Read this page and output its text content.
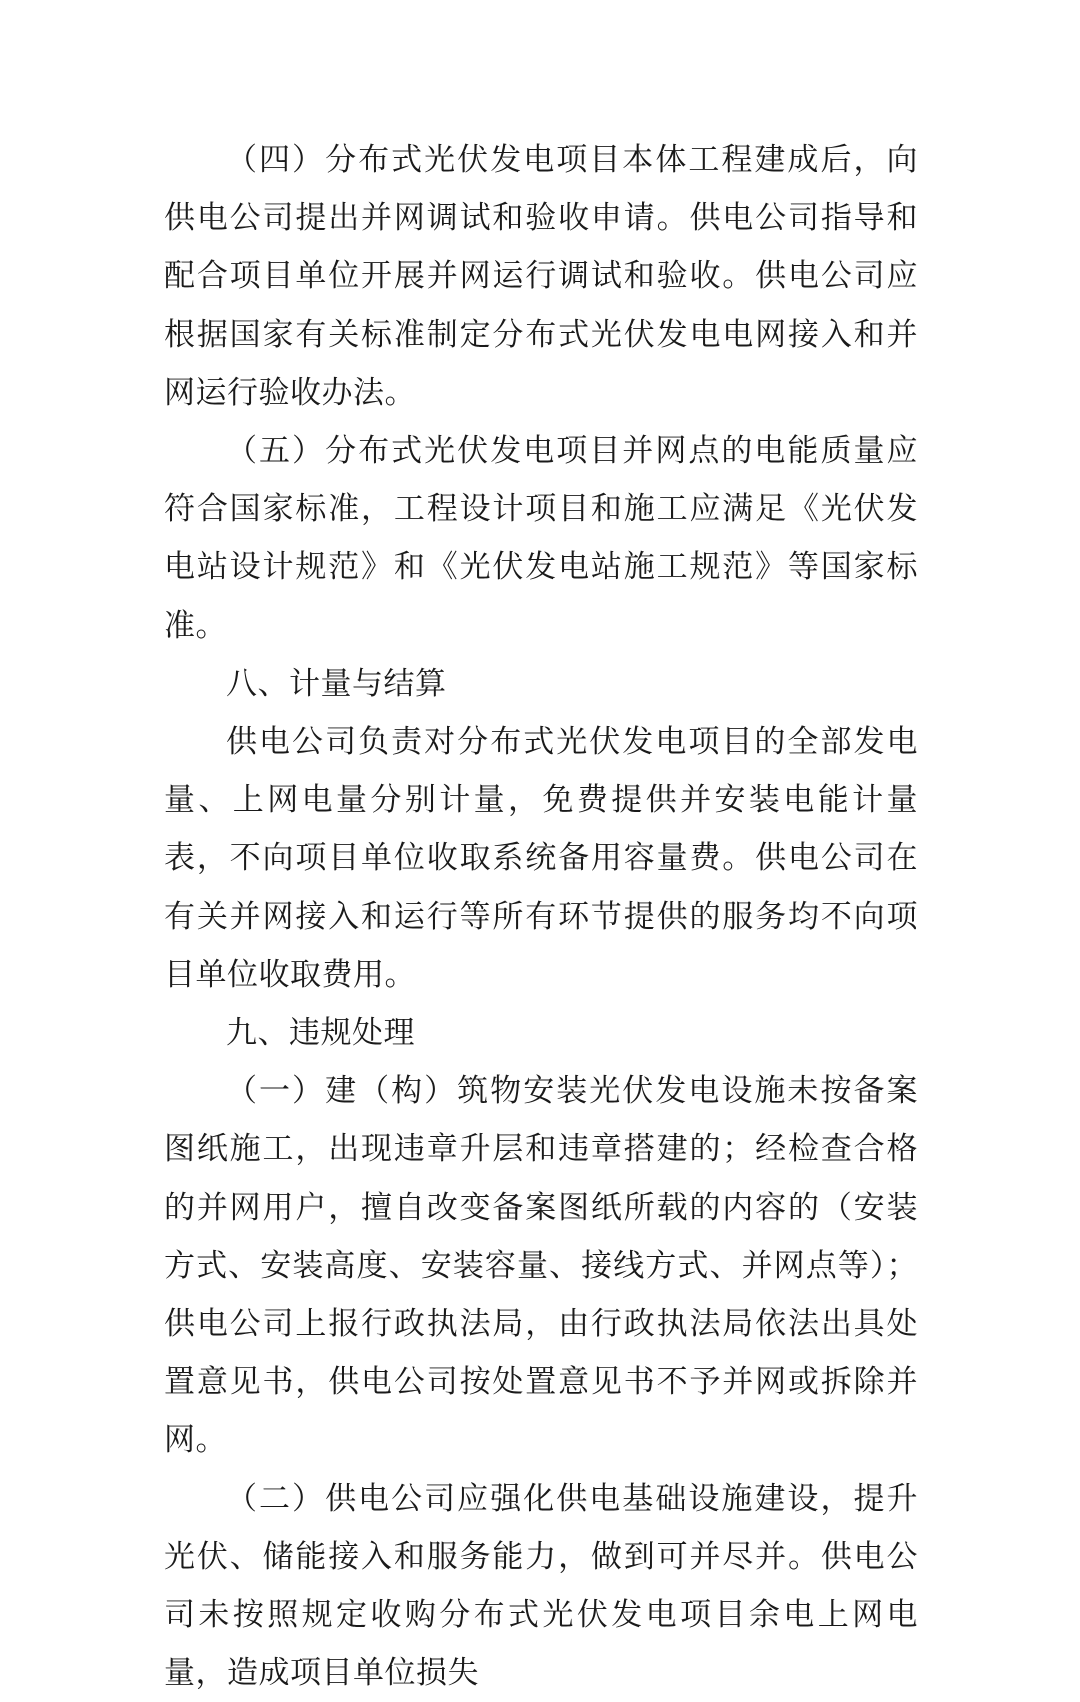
（四）分布式光伏发电项目本体工程建成后，向供电公司提出并网调试和验收申请。供电公司指导和配合项目单位开展并网运行调试和验收。供电公司应根据国家有关标准制定分布式光伏发电电网接入和并网运行验收办法。

（五）分布式光伏发电项目并网点的电能质量应符合国家标准，工程设计项目和施工应满足《光伏发电站设计规范》和《光伏发电站施工规范》等国家标准。

八、计量与结算

供电公司负责对分布式光伏发电项目的全部发电量、上网电量分别计量，免费提供并安装电能计量表，不向项目单位收取系统备用容量费。供电公司在有关并网接入和运行等所有环节提供的服务均不向项目单位收取费用。

九、违规处理

（一）建（构）筑物安装光伏发电设施未按备案图纸施工，出现违章升层和违章搭建的；经检查合格的并网用户，擅自改变备案图纸所载的内容的（安装方式、安装高度、安装容量、接线方式、并网点等）；供电公司上报行政执法局，由行政执法局依法出具处置意见书，供电公司按处置意见书不予并网或拆除并网。

（二）供电公司应强化供电基础设施建设，提升光伏、储能接入和服务能力，做到可并尽并。供电公司未按照规定收购分布式光伏发电项目余电上网电量，造成项目单位损失
